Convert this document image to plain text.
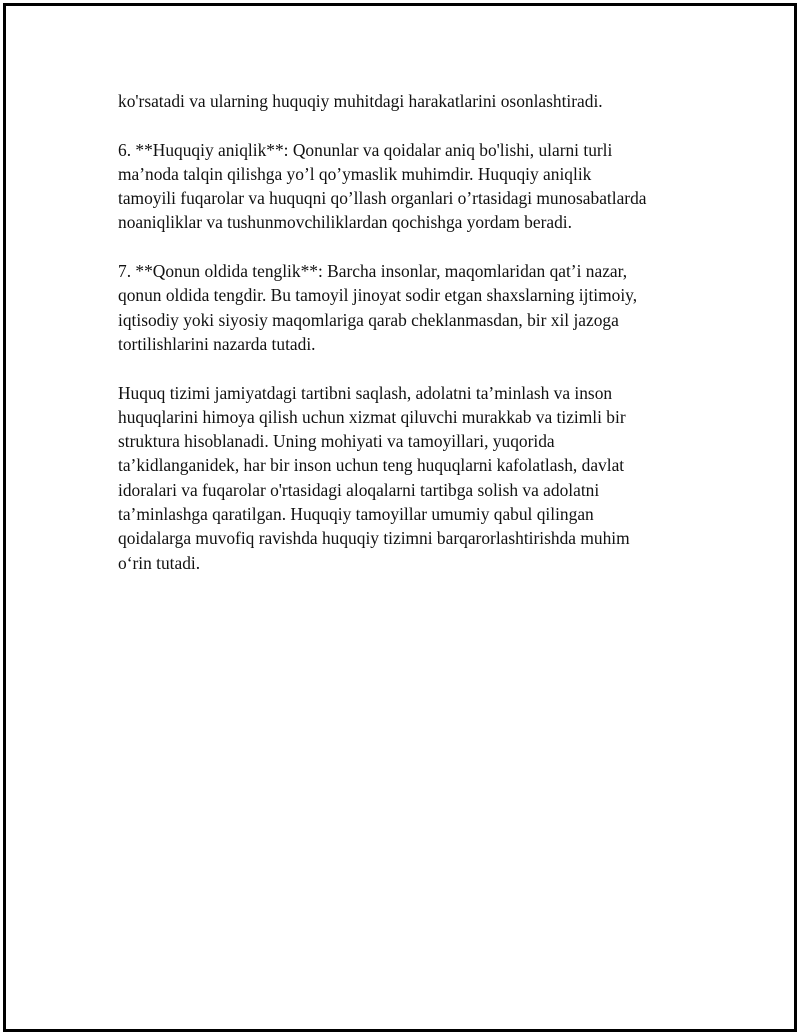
ko'rsatadi va ularning huquqiy muhitdagi harakatlarini osonlashtiradi.

6. **Huquqiy aniqlik**: Qonunlar va qoidalar aniq bo'lishi, ularni turli
ma’noda talqin qilishga yo’l qo’ymaslik muhimdir. Huquqiy aniqlik
tamoyili fuqarolar va huquqni qo’llash organlari o’rtasidagi munosabatlarda
noaniqliklar va tushunmovchiliklardan qochishga yordam beradi.

7. **Qonun oldida tenglik**: Barcha insonlar, maqomlaridan qat’i nazar,
qonun oldida tengdir. Bu tamoyil jinoyat sodir etgan shaxslarning ijtimoiy,
iqtisodiy yoki siyosiy maqomlariga qarab cheklanmasdan, bir xil jazoga
tortilishlarini nazarda tutadi.

Huquq tizimi jamiyatdagi tartibni saqlash, adolatni ta’minlash va inson
huquqlarini himoya qilish uchun xizmat qiluvchi murakkab va tizimli bir
struktura hisoblanadi. Uning mohiyati va tamoyillari, yuqorida
ta’kidlanganidek, har bir inson uchun teng huquqlarni kafolatlash, davlat
idoralari va fuqarolar o'rtasidagi aloqalarni tartibga solish va adolatni
ta’minlashga qaratilgan. Huquqiy tamoyillar umumiy qabul qilingan
qoidalarga muvofiq ravishda huquqiy tizimni barqarorlashtirishda muhim
o‘rin tutadi.
